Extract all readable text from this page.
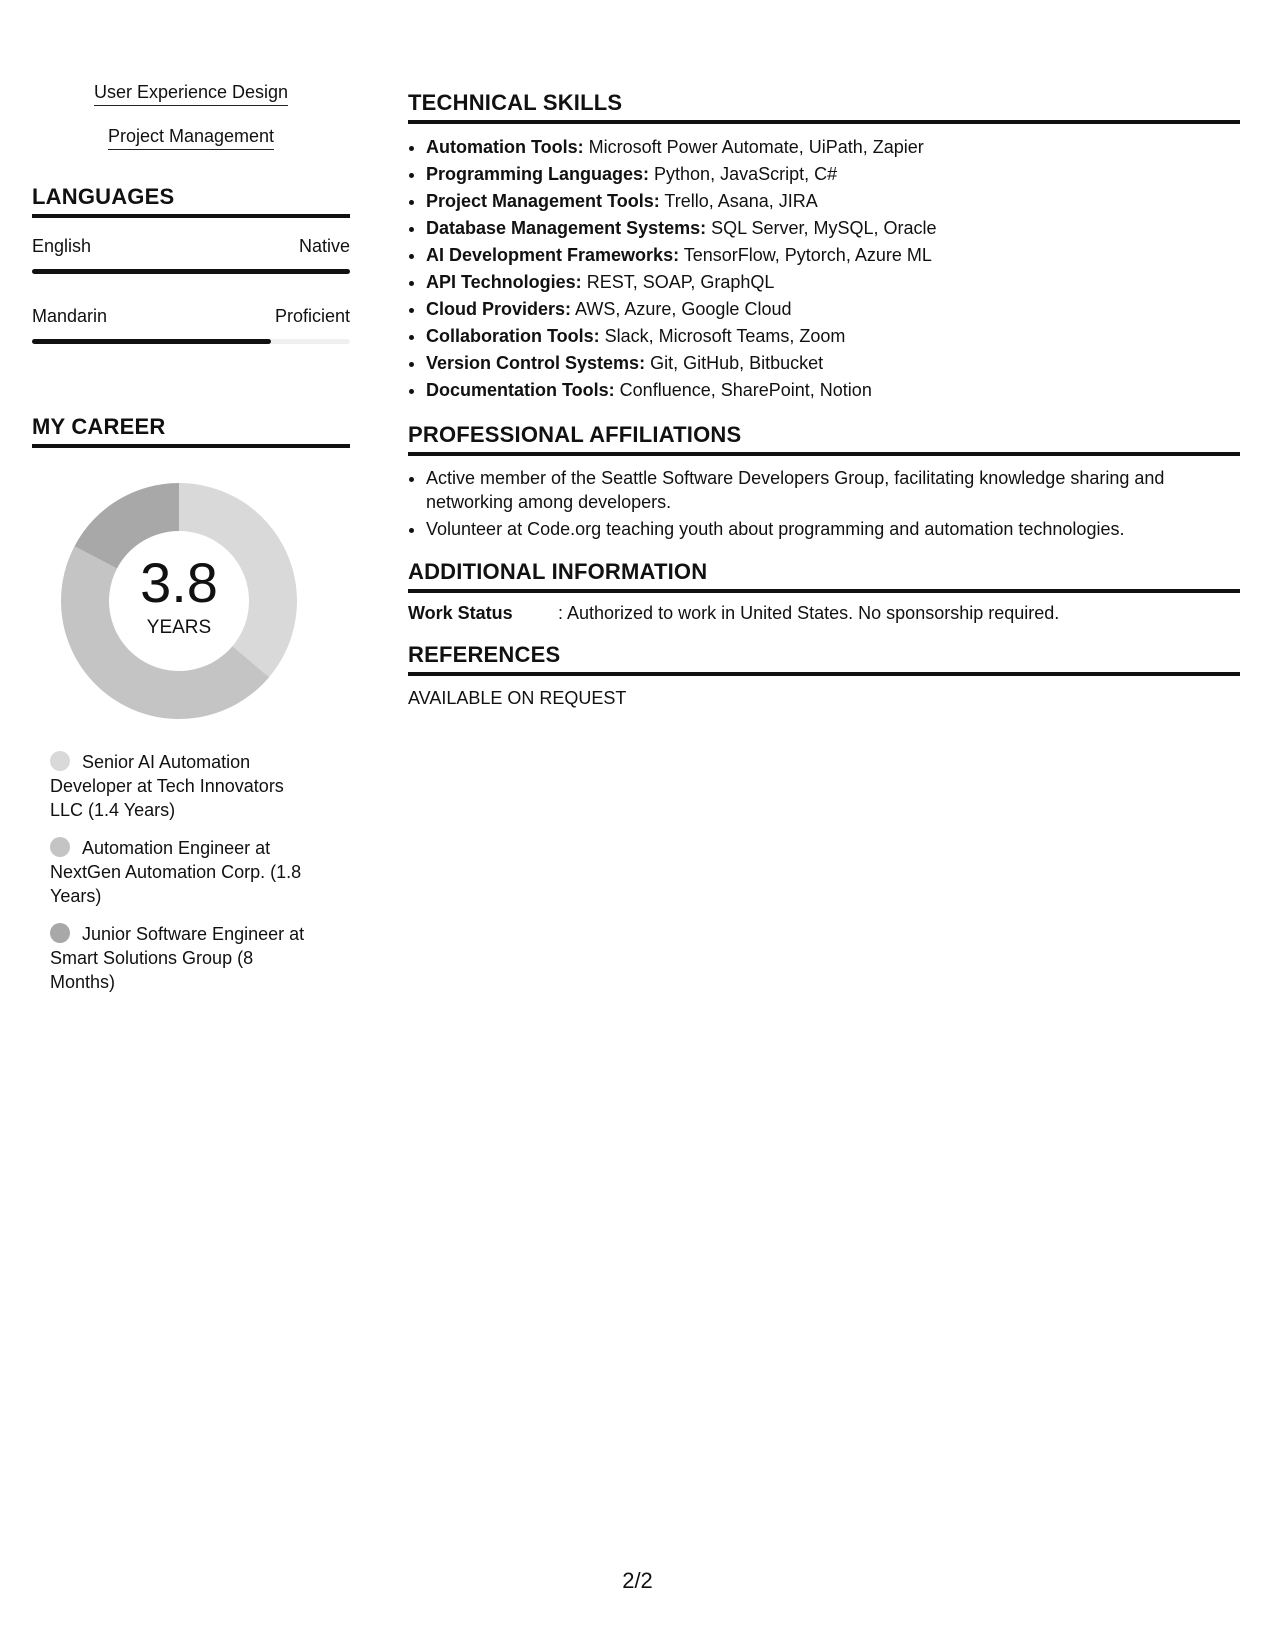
User Experience Design
Project Management
LANGUAGES
English	Native
Mandarin	Proficient
MY CAREER
3.8
YEARS
Senior AI Automation Developer at Tech Innovators LLC (1.4 Years)
Automation Engineer at NextGen Automation Corp. (1.8 Years)
Junior Software Engineer at Smart Solutions Group (8 Months)
TECHNICAL SKILLS
• Automation Tools: Microsoft Power Automate, UiPath, Zapier
• Programming Languages: Python, JavaScript, C#
• Project Management Tools: Trello, Asana, JIRA
• Database Management Systems: SQL Server, MySQL, Oracle
• AI Development Frameworks: TensorFlow, Pytorch, Azure ML
• API Technologies: REST, SOAP, GraphQL
• Cloud Providers: AWS, Azure, Google Cloud
• Collaboration Tools: Slack, Microsoft Teams, Zoom
• Version Control Systems: Git, GitHub, Bitbucket
• Documentation Tools: Confluence, SharePoint, Notion
PROFESSIONAL AFFILIATIONS
• Active member of the Seattle Software Developers Group, facilitating knowledge sharing and networking among developers.
• Volunteer at Code.org teaching youth about programming and automation technologies.
ADDITIONAL INFORMATION
Work Status	: Authorized to work in United States. No sponsorship required.
REFERENCES
AVAILABLE ON REQUEST
2/2
